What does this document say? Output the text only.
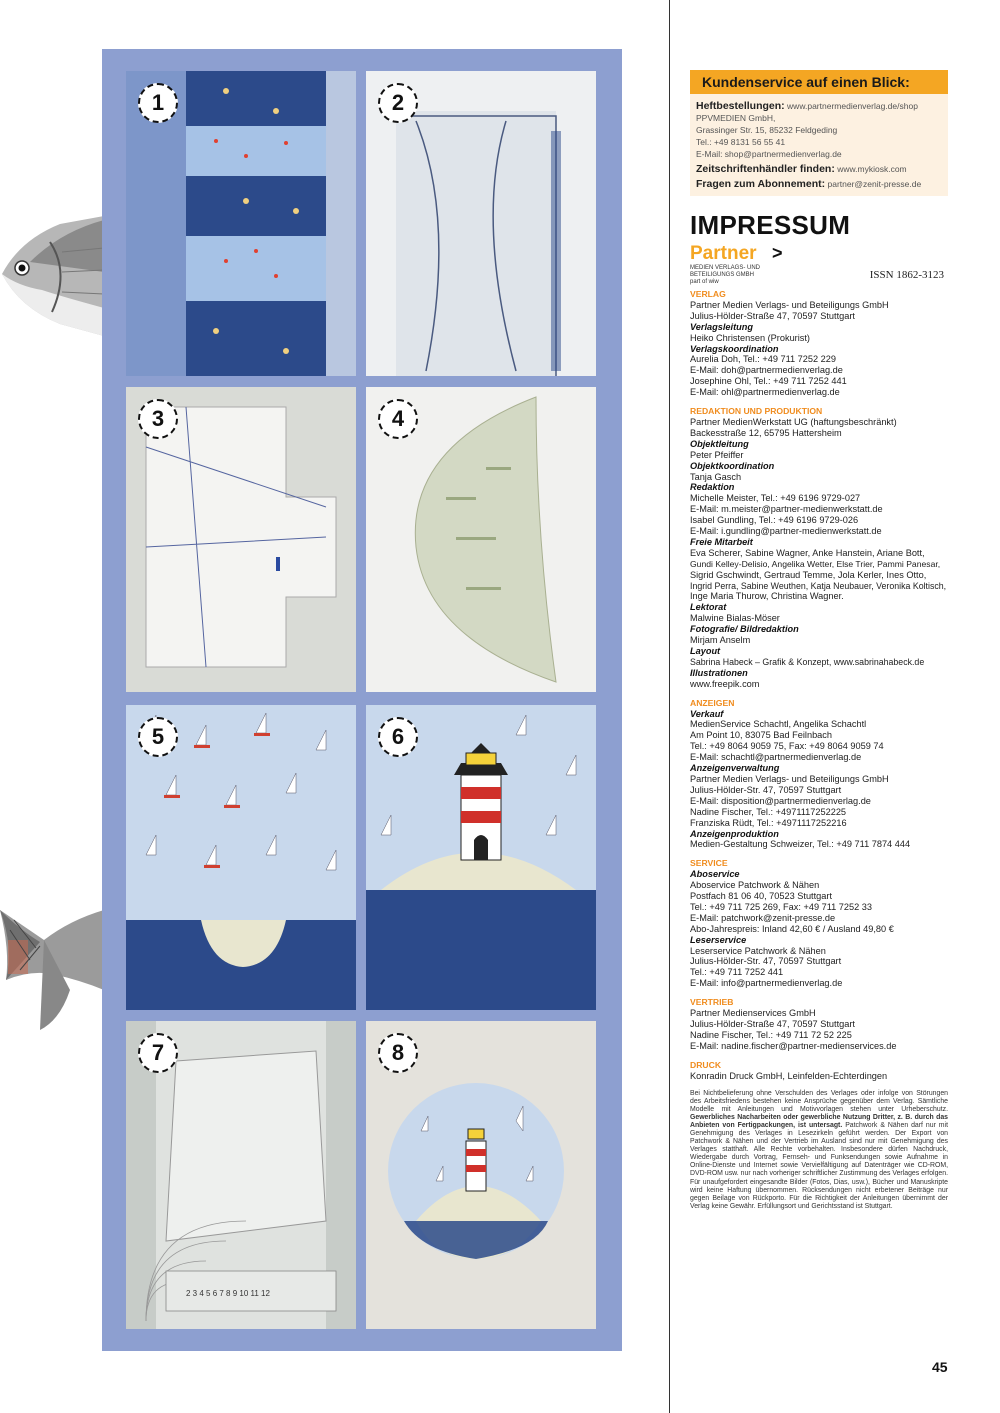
1	2
3	4
5	6
2 3 4 5 6 7 8 9 10 11 12
7	8
Kundenservice auf einen Blick:
Heftbestellungen: www.partnermedienverlag.de/shop
PPVMEDIEN GmbH,
Grassinger Str. 15, 85232 Feldgeding
Tel.: +49 8131 56 55 41
E-Mail: shop@partnermedienverlag.de
Zeitschriftenhändler finden: www.mykiosk.com
Fragen zum Abonnement: partner@zenit-presse.de
IMPRESSUM
Partner >
MEDIEN VERLAGS- UND BETEILIGUNGS GMBH
part of wiw
ISSN 1862-3123
VERLAG
Partner Medien Verlags- und Beteiligungs GmbH
Julius-Hölder-Straße 47, 70597 Stuttgart
Verlagsleitung
Heiko Christensen (Prokurist)
Verlagskoordination
Aurelia Doh, Tel.: +49 711 7252 229
E-Mail: doh@partnermedienverlag.de
Josephine Ohl, Tel.: +49 711 7252 441
E-Mail: ohl@partnermedienverlag.de
REDAKTION UND PRODUKTION
Partner MedienWerkstatt UG (haftungsbeschränkt)
Backesstraße 12, 65795 Hattersheim
Objektleitung
Peter Pfeiffer
Objektkoordination
Tanja Gasch
Redaktion
Michelle Meister, Tel.: +49 6196 9729-027
E-Mail: m.meister@partner-medienwerkstatt.de
Isabel Gundling, Tel.: +49 6196 9729-026
E-Mail: i.gundling@partner-medienwerkstatt.de
Freie Mitarbeit
Eva Scherer, Sabine Wagner, Anke Hanstein, Ariane Bott,
Gundi Kelley-Delisio, Angelika Wetter, Else Trier, Pammi Panesar,
Sigrid Gschwindt, Gertraud Temme, Jola Kerler, Ines Otto,
Ingrid Perra, Sabine Weuthen, Katja Neubauer, Veronika Koltisch,
Inge Maria Thurow, Christina Wagner.
Lektorat
Malwine Bialas-Möser
Fotografie/ Bildredaktion
Mirjam Anselm
Layout
Sabrina Habeck – Grafik & Konzept, www.sabrinahabeck.de
Illustrationen
www.freepik.com
ANZEIGEN
Verkauf
MedienService Schachtl, Angelika Schachtl
Am Point 10, 83075 Bad Feilnbach
Tel.: +49 8064 9059 75, Fax: +49 8064 9059 74
E-Mail: schachtl@partnermedienverlag.de
Anzeigenverwaltung
Partner Medien Verlags- und Beteiligungs GmbH
Julius-Hölder-Str. 47, 70597 Stuttgart
E-Mail: disposition@partnermedienverlag.de
Nadine Fischer, Tel.: +4971117252225
Franziska Rüdt, Tel.: +4971117252216
Anzeigenproduktion
Medien-Gestaltung Schweizer, Tel.: +49 711 7874 444
SERVICE
Aboservice
Aboservice Patchwork & Nähen
Postfach 81 06 40, 70523 Stuttgart
Tel.: +49 711 725 269, Fax: +49 711 7252 33
E-Mail: patchwork@zenit-presse.de
Abo-Jahrespreis: Inland 42,60 € / Ausland 49,80 €
Leserservice
Leserservice Patchwork & Nähen
Julius-Hölder-Str. 47, 70597 Stuttgart
Tel.: +49 711 7252 441
E-Mail: info@partnermedienverlag.de
VERTRIEB
Partner Medienservices GmbH
Julius-Hölder-Straße 47, 70597 Stuttgart
Nadine Fischer, Tel.: +49 711 72 52 225
E-Mail: nadine.fischer@partner-medienservices.de
DRUCK
Konradin Druck GmbH, Leinfelden-Echterdingen
Bei Nichtbelieferung ohne Verschulden des Verlages oder infolge von Störungen des Arbeitsfriedens bestehen keine Ansprüche gegenüber dem Verlag. Sämtliche Modelle mit Anleitungen und Motivvorlagen stehen unter Urheberschutz. Gewerbliches Nacharbeiten oder gewerbliche Nutzung Dritter, z. B. durch das Anbieten von Fertigpackungen, ist untersagt. Patchwork & Nähen darf nur mit Genehmigung des Verlages in Lesezirkeln geführt werden. Der Export von Patchwork & Nähen und der Vertrieb im Ausland sind nur mit Genehmigung des Verlages statthaft. Alle Rechte vorbehalten. Insbesondere dürfen Nachdruck, Wiedergabe durch Vortrag, Fernseh- und Funksendungen sowie Aufnahme in Online-Dienste und Internet sowie Vervielfältigung auf Datenträger wie CD-ROM, DVD-ROM usw. nur nach vorheriger schriftlicher Zustimmung des Verlages erfolgen. Für unaufgefordert eingesandte Bilder (Fotos, Dias, usw.), Bücher und Manuskripte wird keine Haftung übernommen. Rücksendungen nicht erbetener Beiträge nur gegen Beilage von Rückporto. Für die Richtigkeit der Anleitungen übernimmt der Verlag keine Gewähr. Erfüllungsort und Gerichtsstand ist Stuttgart.
45
